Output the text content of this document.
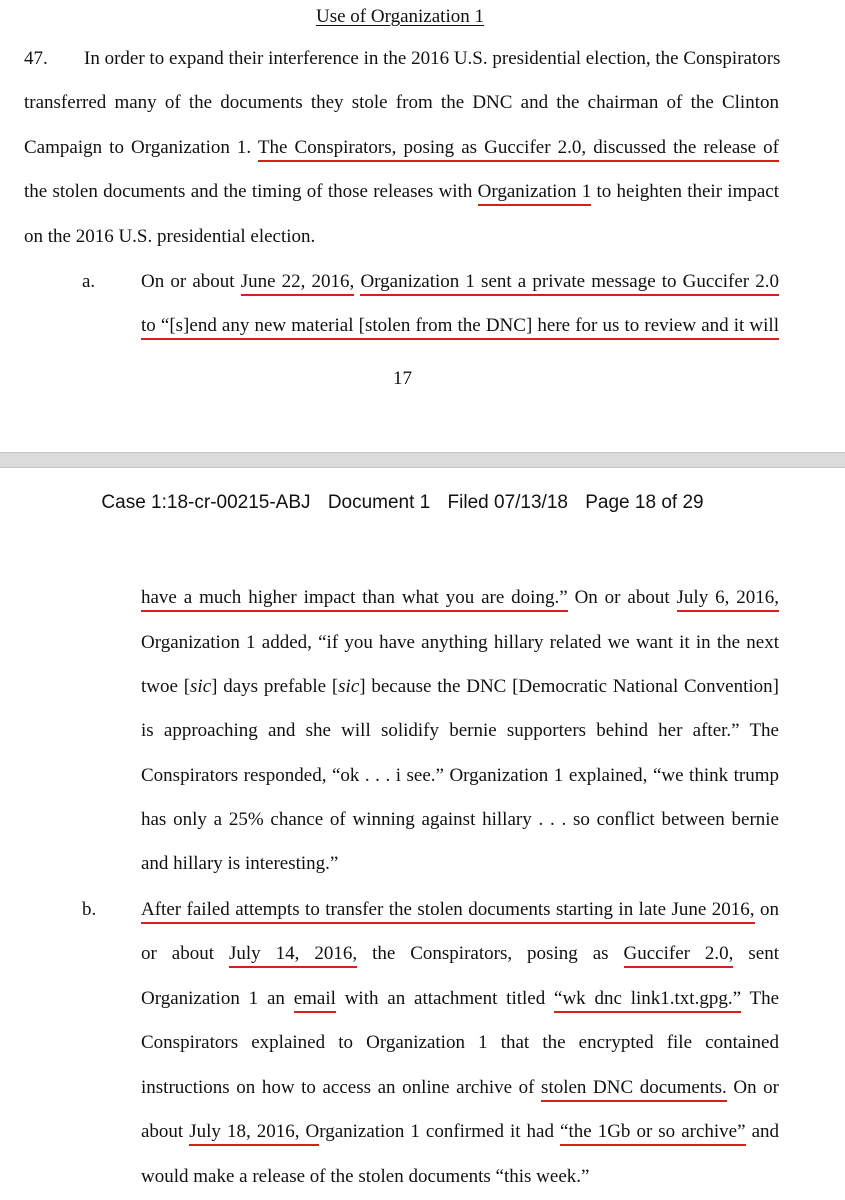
Use of Organization 1
47. In order to expand their interference in the 2016 U.S. presidential election, the Conspirators
transferred many of the documents they stole from the DNC and the chairman of the Clinton
Campaign to Organization 1. The Conspirators, posing as Guccifer 2.0, discussed the release of
the stolen documents and the timing of those releases with Organization 1 to heighten their impact
on the 2016 U.S. presidential election.
a. On or about June 22, 2016, Organization 1 sent a private message to Guccifer 2.0
to “[s]end any new material [stolen from the DNC] here for us to review and it will
17
Case 1:18-cr-00215-ABJ Document 1 Filed 07/13/18 Page 18 of 29
have a much higher impact than what you are doing.” On or about July 6, 2016,
Organization 1 added, “if you have anything hillary related we want it in the next
twoe [sic] days prefable [sic] because the DNC [Democratic National Convention]
is approaching and she will solidify bernie supporters behind her after.” The
Conspirators responded, “ok . . . i see.” Organization 1 explained, “we think trump
has only a 25% chance of winning against hillary . . . so conflict between bernie
and hillary is interesting.”
b. After failed attempts to transfer the stolen documents starting in late June 2016, on
or about July 14, 2016, the Conspirators, posing as Guccifer 2.0, sent
Organization 1 an email with an attachment titled “wk dnc link1.txt.gpg.” The
Conspirators explained to Organization 1 that the encrypted file contained
instructions on how to access an online archive of stolen DNC documents. On or
about July 18, 2016, Organization 1 confirmed it had “the 1Gb or so archive” and
would make a release of the stolen documents “this week.”
